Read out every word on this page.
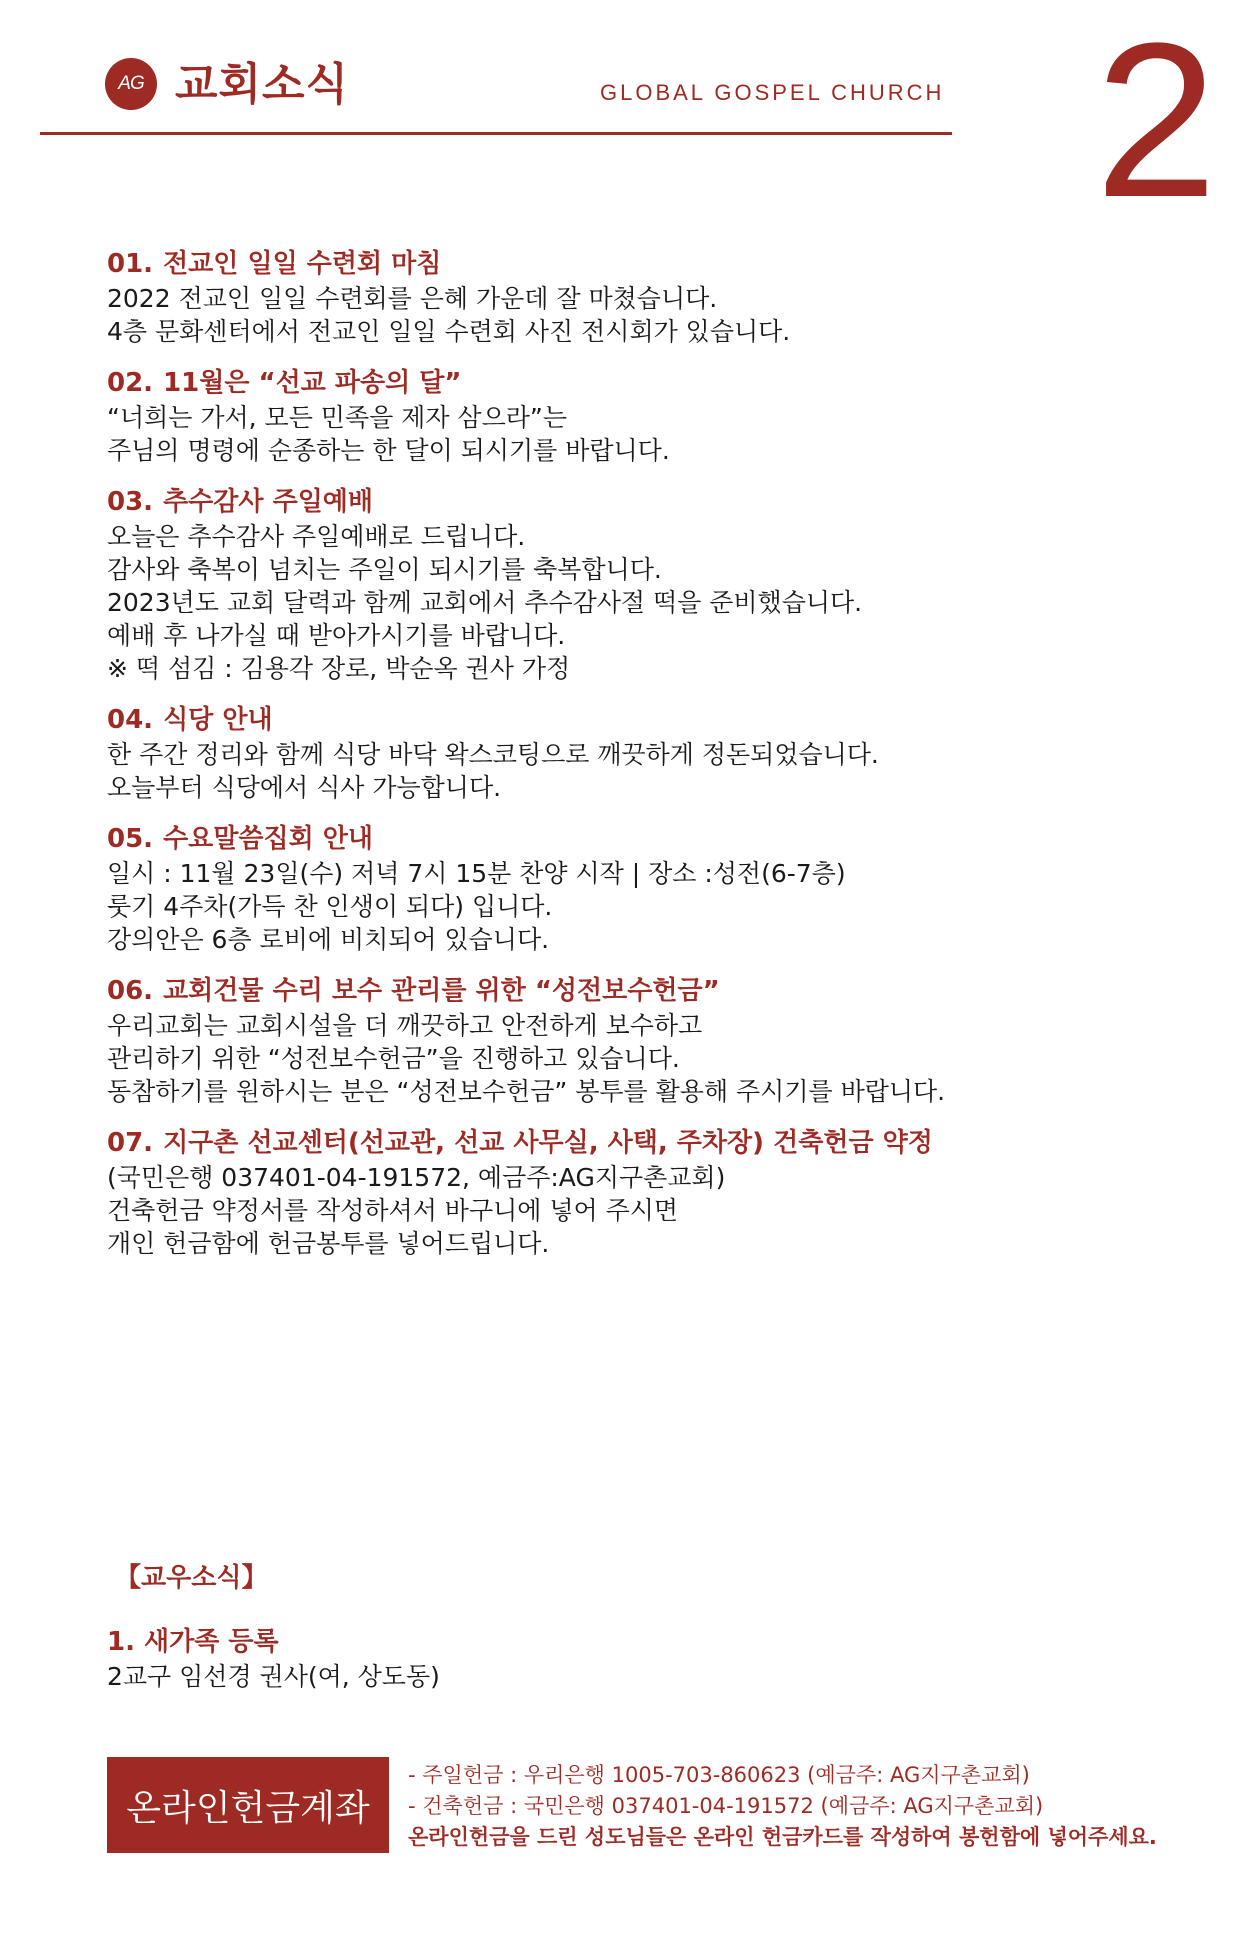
AG 교회소식	GLOBAL GOSPEL CHURCH 2
01. 전교인 일일 수련회 마침
2022 전교인 일일 수련회를 은혜 가운데 잘 마쳤습니다.
4층 문화센터에서 전교인 일일 수련회 사진 전시회가 있습니다.
02. 11월은 “선교 파송의 달”
“너희는 가서, 모든 민족을 제자 삼으라”는
주님의 명령에 순종하는 한 달이 되시기를 바랍니다.
03. 추수감사 주일예배
오늘은 추수감사 주일예배로 드립니다.
감사와 축복이 넘치는 주일이 되시기를 축복합니다.
2023년도 교회 달력과 함께 교회에서 추수감사절 떡을 준비했습니다.
예배 후 나가실 때 받아가시기를 바랍니다.
※ 떡 섬김 : 김용각 장로, 박순옥 권사 가정
04. 식당 안내
한 주간 정리와 함께 식당 바닥 왁스코팅으로 깨끗하게 정돈되었습니다.
오늘부터 식당에서 식사 가능합니다.
05. 수요말씀집회 안내
일시 : 11월 23일(수) 저녁 7시 15분 찬양 시작 | 장소 :성전(6-7층)
룻기 4주차(가득 찬 인생이 되다) 입니다.
강의안은 6층 로비에 비치되어 있습니다.
06. 교회건물 수리 보수 관리를 위한 “성전보수헌금”
우리교회는 교회시설을 더 깨끗하고 안전하게 보수하고
관리하기 위한 “성전보수헌금”을 진행하고 있습니다.
동참하기를 원하시는 분은 “성전보수헌금” 봉투를 활용해 주시기를 바랍니다.
07. 지구촌 선교센터(선교관, 선교 사무실, 사택, 주차장) 건축헌금 약정
(국민은행 037401-04-191572, 예금주:AG지구촌교회)
건축헌금 약정서를 작성하셔서 바구니에 넣어 주시면
개인 헌금함에 헌금봉투를 넣어드립니다.
【교우소식】
1. 새가족 등록
2교구 임선경 권사(여, 상도동)
온라인헌금계좌
- 주일헌금 : 우리은행 1005-703-860623 (예금주: AG지구촌교회)
- 건축헌금 : 국민은행 037401-04-191572 (예금주: AG지구촌교회)
온라인헌금을 드린 성도님들은 온라인 헌금카드를 작성하여 봉헌함에 넣어주세요.
